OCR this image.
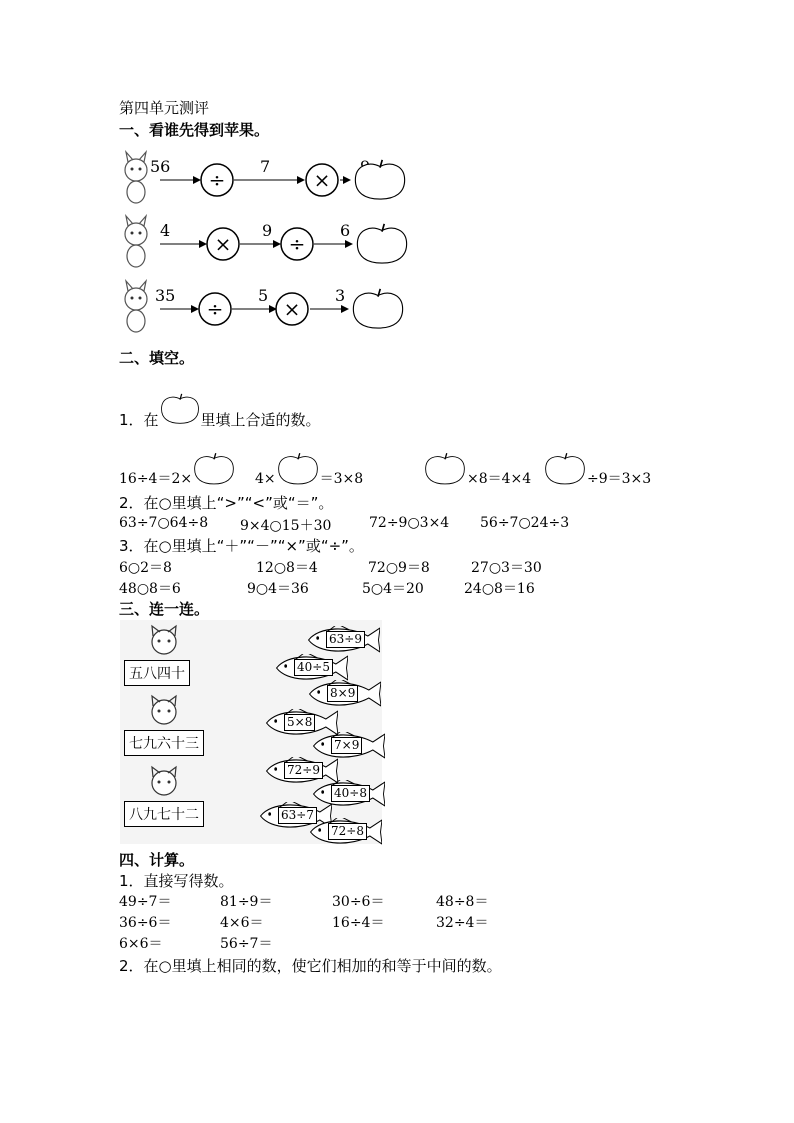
第四单元测评
一、看谁先得到苹果。
56	7
÷	×
4	9	6
×	÷
35	5	3
÷	×
二、填空。
1．在	里填上合适的数。
16÷4＝2×	4×	＝3×8	×8＝4×4	÷9＝3×3
2．在○里填上“>”“<”或“＝”。
63÷7○64÷8 9×4○15＋30	72÷9○3×4 56÷7○24÷3
3．在○里填上“＋”“－”“×”或“÷”。
6○2＝8	12○8＝4	72○9＝8	27○3＝30
48○8＝6	9○4＝36	5○4＝20	24○8＝16
三、连一连。
五八四十
七九六十三
八九七十二
63÷9
40÷5
8×9
5×8
7×9
72÷9
40÷8
63÷7
72÷8
四、计算。
1．直接写得数。
49÷7＝	81÷9＝	30÷6＝	48÷8＝
36÷6＝	4×6＝	16÷4＝	32÷4＝
6×6＝	56÷7＝
2．在○里填上相同的数，使它们相加的和等于中间的数。
